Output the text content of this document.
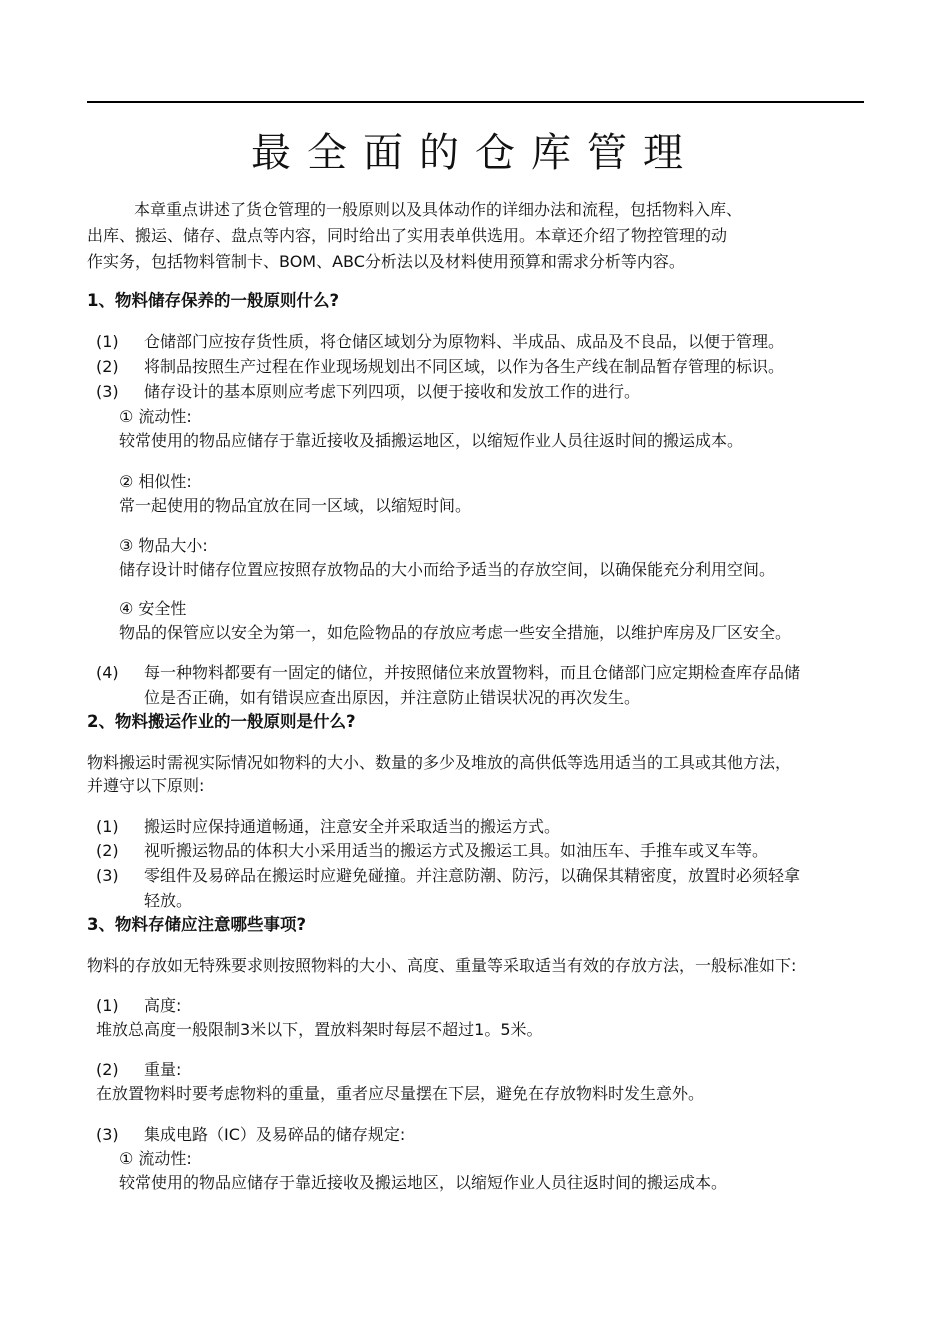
最全面的仓库管理
本章重点讲述了货仓管理的一般原则以及具体动作的详细办法和流程，包括物料入库、
出库、搬运、储存、盘点等内容，同时给出了实用表单供选用。本章还介绍了物控管理的动
作实务，包括物料管制卡、BOM、ABC分析法以及材料使用预算和需求分析等内容。
1、物料储存保养的一般原则什么?
(1) 仓储部门应按存货性质，将仓储区域划分为原物料、半成品、成品及不良品，以便于管理。
(2) 将制品按照生产过程在作业现场规划出不同区域，以作为各生产线在制品暂存管理的标识。
(3) 储存设计的基本原则应考虑下列四项，以便于接收和发放工作的进行。
① 流动性:
较常使用的物品应储存于靠近接收及插搬运地区，以缩短作业人员往返时间的搬运成本。
② 相似性:
常一起使用的物品宜放在同一区域，以缩短时间。
③ 物品大小:
储存设计时储存位置应按照存放物品的大小而给予适当的存放空间，以确保能充分利用空间。
④ 安全性
物品的保管应以安全为第一，如危险物品的存放应考虑一些安全措施，以维护库房及厂区安全。
(4) 每一种物料都要有一固定的储位，并按照储位来放置物料，而且仓储部门应定期检查库存品储
位是否正确，如有错误应查出原因，并注意防止错误状况的再次发生。
2、物料搬运作业的一般原则是什么?
物料搬运时需视实际情况如物料的大小、数量的多少及堆放的高供低等选用适当的工具或其他方法，
并遵守以下原则:
(1) 搬运时应保持通道畅通，注意安全并采取适当的搬运方式。
(2) 视听搬运物品的体积大小采用适当的搬运方式及搬运工具。如油压车、手推车或叉车等。
(3) 零组件及易碎品在搬运时应避免碰撞。并注意防潮、防污，以确保其精密度，放置时必须轻拿
轻放。
3、物料存储应注意哪些事项?
物料的存放如无特殊要求则按照物料的大小、高度、重量等采取适当有效的存放方法，一般标准如下:
(1) 高度:
堆放总高度一般限制3米以下，置放料架时每层不超过1。5米。
(2) 重量:
在放置物料时要考虑物料的重量，重者应尽量摆在下层，避免在存放物料时发生意外。
(3) 集成电路（IC）及易碎品的储存规定:
① 流动性:
较常使用的物品应储存于靠近接收及搬运地区，以缩短作业人员往返时间的搬运成本。
